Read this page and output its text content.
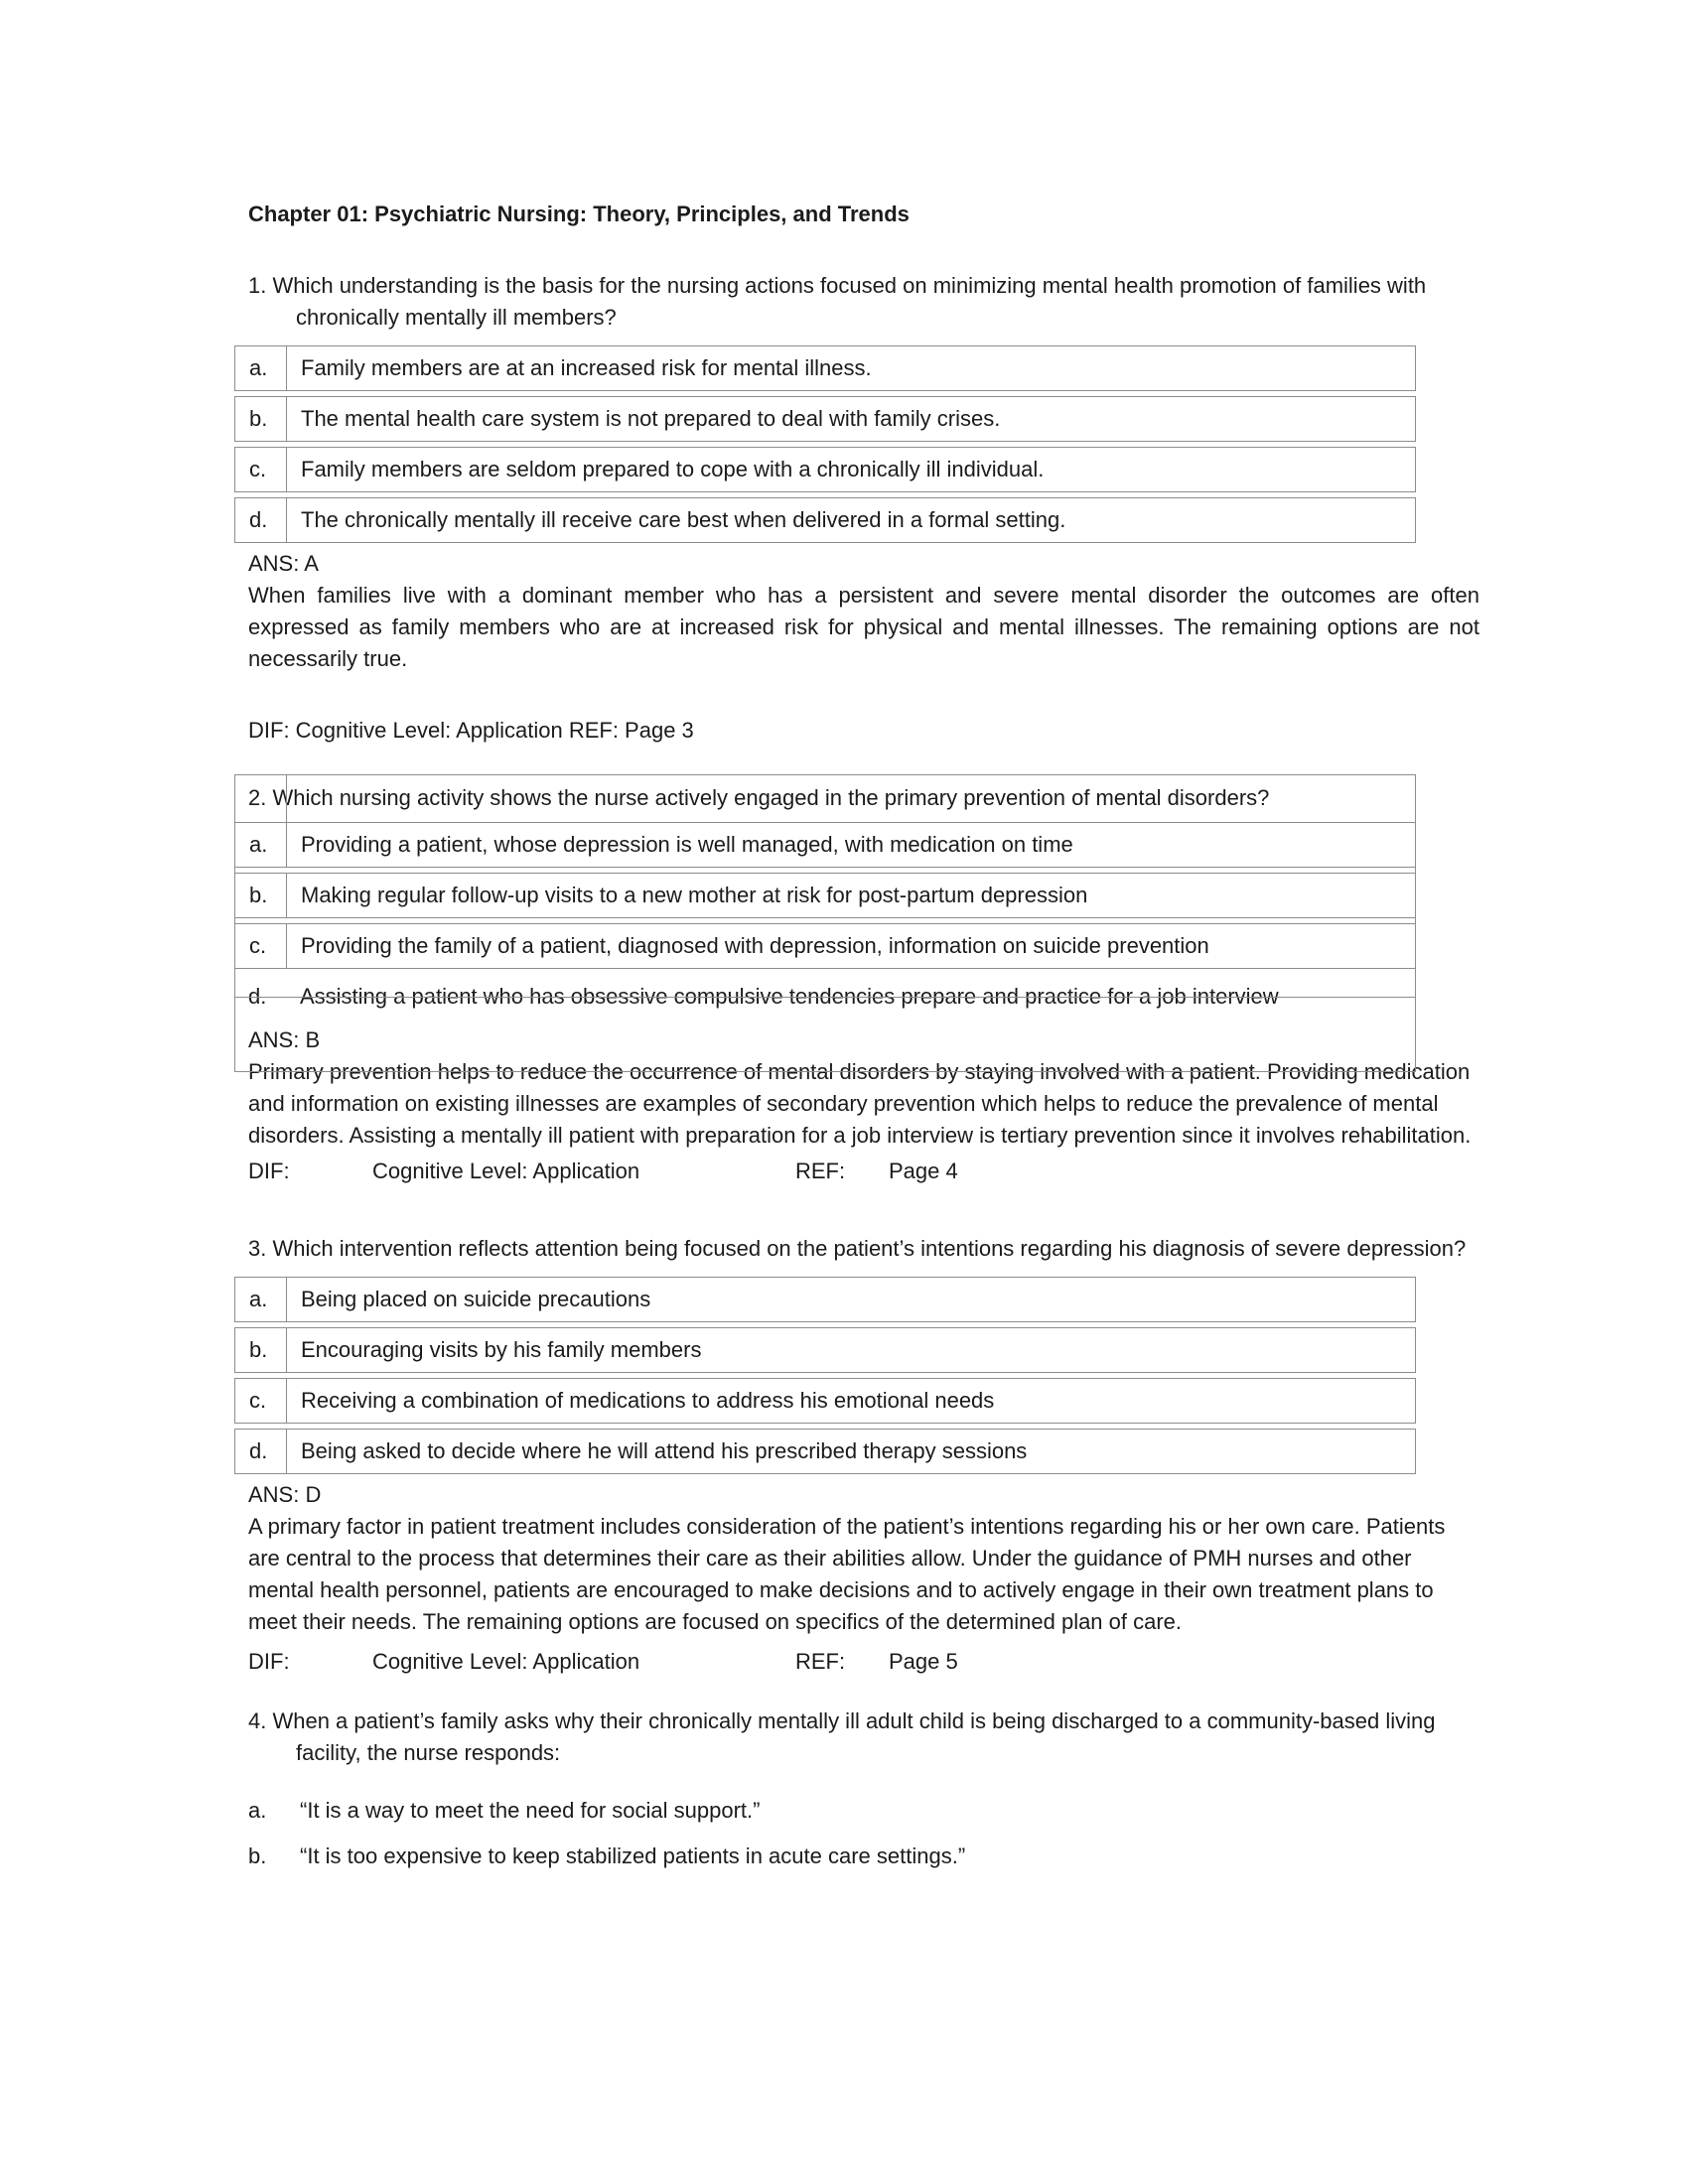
Chapter 01: Psychiatric Nursing: Theory, Principles, and Trends

1. Which understanding is the basis for the nursing actions focused on minimizing mental health promotion of families with chronically mentally ill members?

a.	Family members are at an increased risk for mental illness.
b.	The mental health care system is not prepared to deal with family crises.
c.	Family members are seldom prepared to cope with a chronically ill individual.
d.	The chronically mentally ill receive care best when delivered in a formal setting.

ANS: A

When families live with a dominant member who has a persistent and severe mental disorder the outcomes are often expressed as family members who are at increased risk for physical and mental illnesses. The remaining options are not necessarily true.

DIF: Cognitive Level: Application REF: Page 3

2. Which nursing activity shows the nurse actively engaged in the primary prevention of mental disorders?

a.	Providing a patient, whose depression is well managed, with medication on time
b.	Making regular follow-up visits to a new mother at risk for post-partum depression
c.	Providing the family of a patient, diagnosed with depression, information on suicide prevention
d.	Assisting a patient who has obsessive compulsive tendencies prepare and practice for a job interview

ANS: B

Primary prevention helps to reduce the occurrence of mental disorders by staying involved with a patient. Providing medication and information on existing illnesses are examples of secondary prevention which helps to reduce the prevalence of mental disorders. Assisting a mentally ill patient with preparation for a job interview is tertiary prevention since it involves rehabilitation.

DIF:	Cognitive Level: Application	REF:	Page 4

3. Which intervention reflects attention being focused on the patient’s intentions regarding his diagnosis of severe depression?

a.	Being placed on suicide precautions
b.	Encouraging visits by his family members
c.	Receiving a combination of medications to address his emotional needs
d.	Being asked to decide where he will attend his prescribed therapy sessions

ANS: D

A primary factor in patient treatment includes consideration of the patient’s intentions regarding his or her own care. Patients are central to the process that determines their care as their abilities allow. Under the guidance of PMH nurses and other mental health personnel, patients are encouraged to make decisions and to actively engage in their own treatment plans to meet their needs. The remaining options are focused on specifics of the determined plan of care.

DIF:	Cognitive Level: Application	REF:	Page 5

4. When a patient’s family asks why their chronically mentally ill adult child is being discharged to a community-based living facility, the nurse responds:

a.	“It is a way to meet the need for social support.”
b.	“It is too expensive to keep stabilized patients in acute care settings.”
